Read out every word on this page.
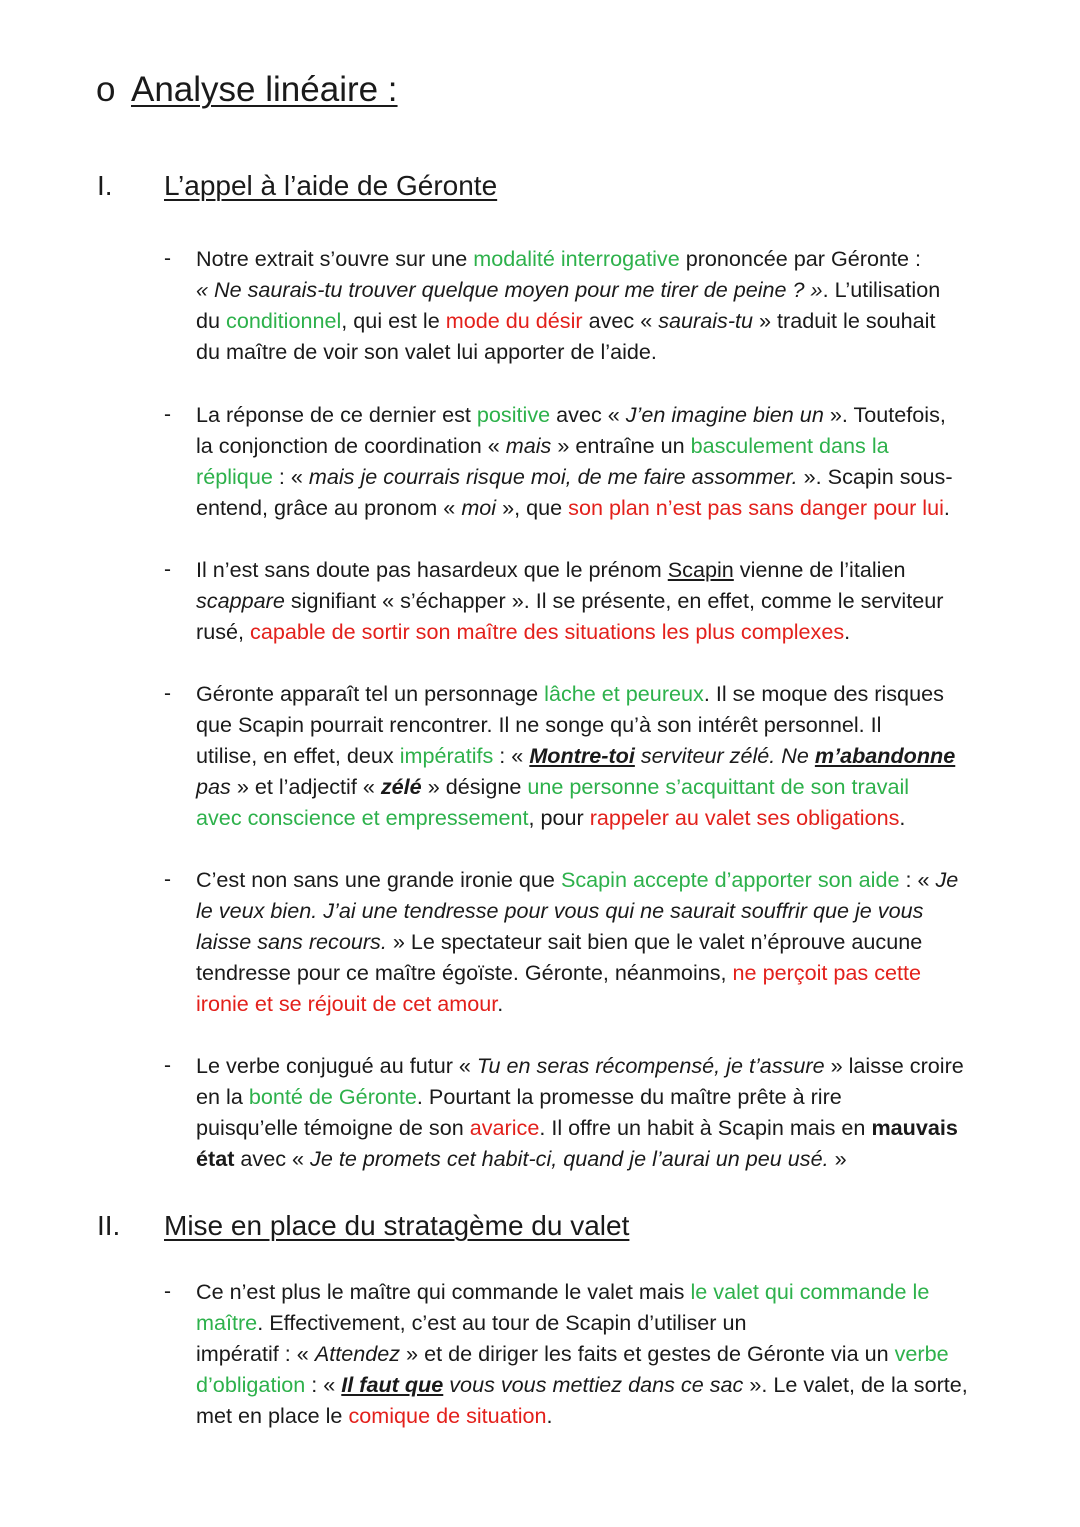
o Analyse linéaire :
I. L’appel à l’aide de Géronte
- Notre extrait s’ouvre sur une modalité interrogative prononcée par Géronte :
« Ne saurais-tu trouver quelque moyen pour me tirer de peine ? ». L’utilisation
du conditionnel, qui est le mode du désir avec « saurais-tu » traduit le souhait
du maître de voir son valet lui apporter de l’aide.
- La réponse de ce dernier est positive avec « J’en imagine bien un ». Toutefois,
la conjonction de coordination « mais » entraîne un basculement dans la
réplique : « mais je courrais risque moi, de me faire assommer. ». Scapin sous-
entend, grâce au pronom « moi », que son plan n’est pas sans danger pour lui.
- Il n’est sans doute pas hasardeux que le prénom Scapin vienne de l’italien
scappare signifiant « s’échapper ». Il se présente, en effet, comme le serviteur
rusé, capable de sortir son maître des situations les plus complexes.
- Géronte apparaît tel un personnage lâche et peureux. Il se moque des risques
que Scapin pourrait rencontrer. Il ne songe qu’à son intérêt personnel. Il
utilise, en effet, deux impératifs : « Montre-toi serviteur zélé. Ne m’abandonne
pas » et l’adjectif « zélé » désigne une personne s’acquittant de son travail
avec conscience et empressement, pour rappeler au valet ses obligations.
- C’est non sans une grande ironie que Scapin accepte d’apporter son aide : « Je
le veux bien. J’ai une tendresse pour vous qui ne saurait souffrir que je vous
laisse sans recours. » Le spectateur sait bien que le valet n’éprouve aucune
tendresse pour ce maître égoïste. Géronte, néanmoins, ne perçoit pas cette
ironie et se réjouit de cet amour.
- Le verbe conjugué au futur « Tu en seras récompensé, je t’assure » laisse croire
en la bonté de Géronte. Pourtant la promesse du maître prête à rire
puisqu’elle témoigne de son avarice. Il offre un habit à Scapin mais en mauvais
état avec « Je te promets cet habit-ci, quand je l’aurai un peu usé. »
II. Mise en place du stratagème du valet
- Ce n’est plus le maître qui commande le valet mais le valet qui commande le
maître. Effectivement, c’est au tour de Scapin d’utiliser un
impératif : « Attendez » et de diriger les faits et gestes de Géronte via un verbe
d’obligation : « Il faut que vous vous mettiez dans ce sac ». Le valet, de la sorte,
met en place le comique de situation.
